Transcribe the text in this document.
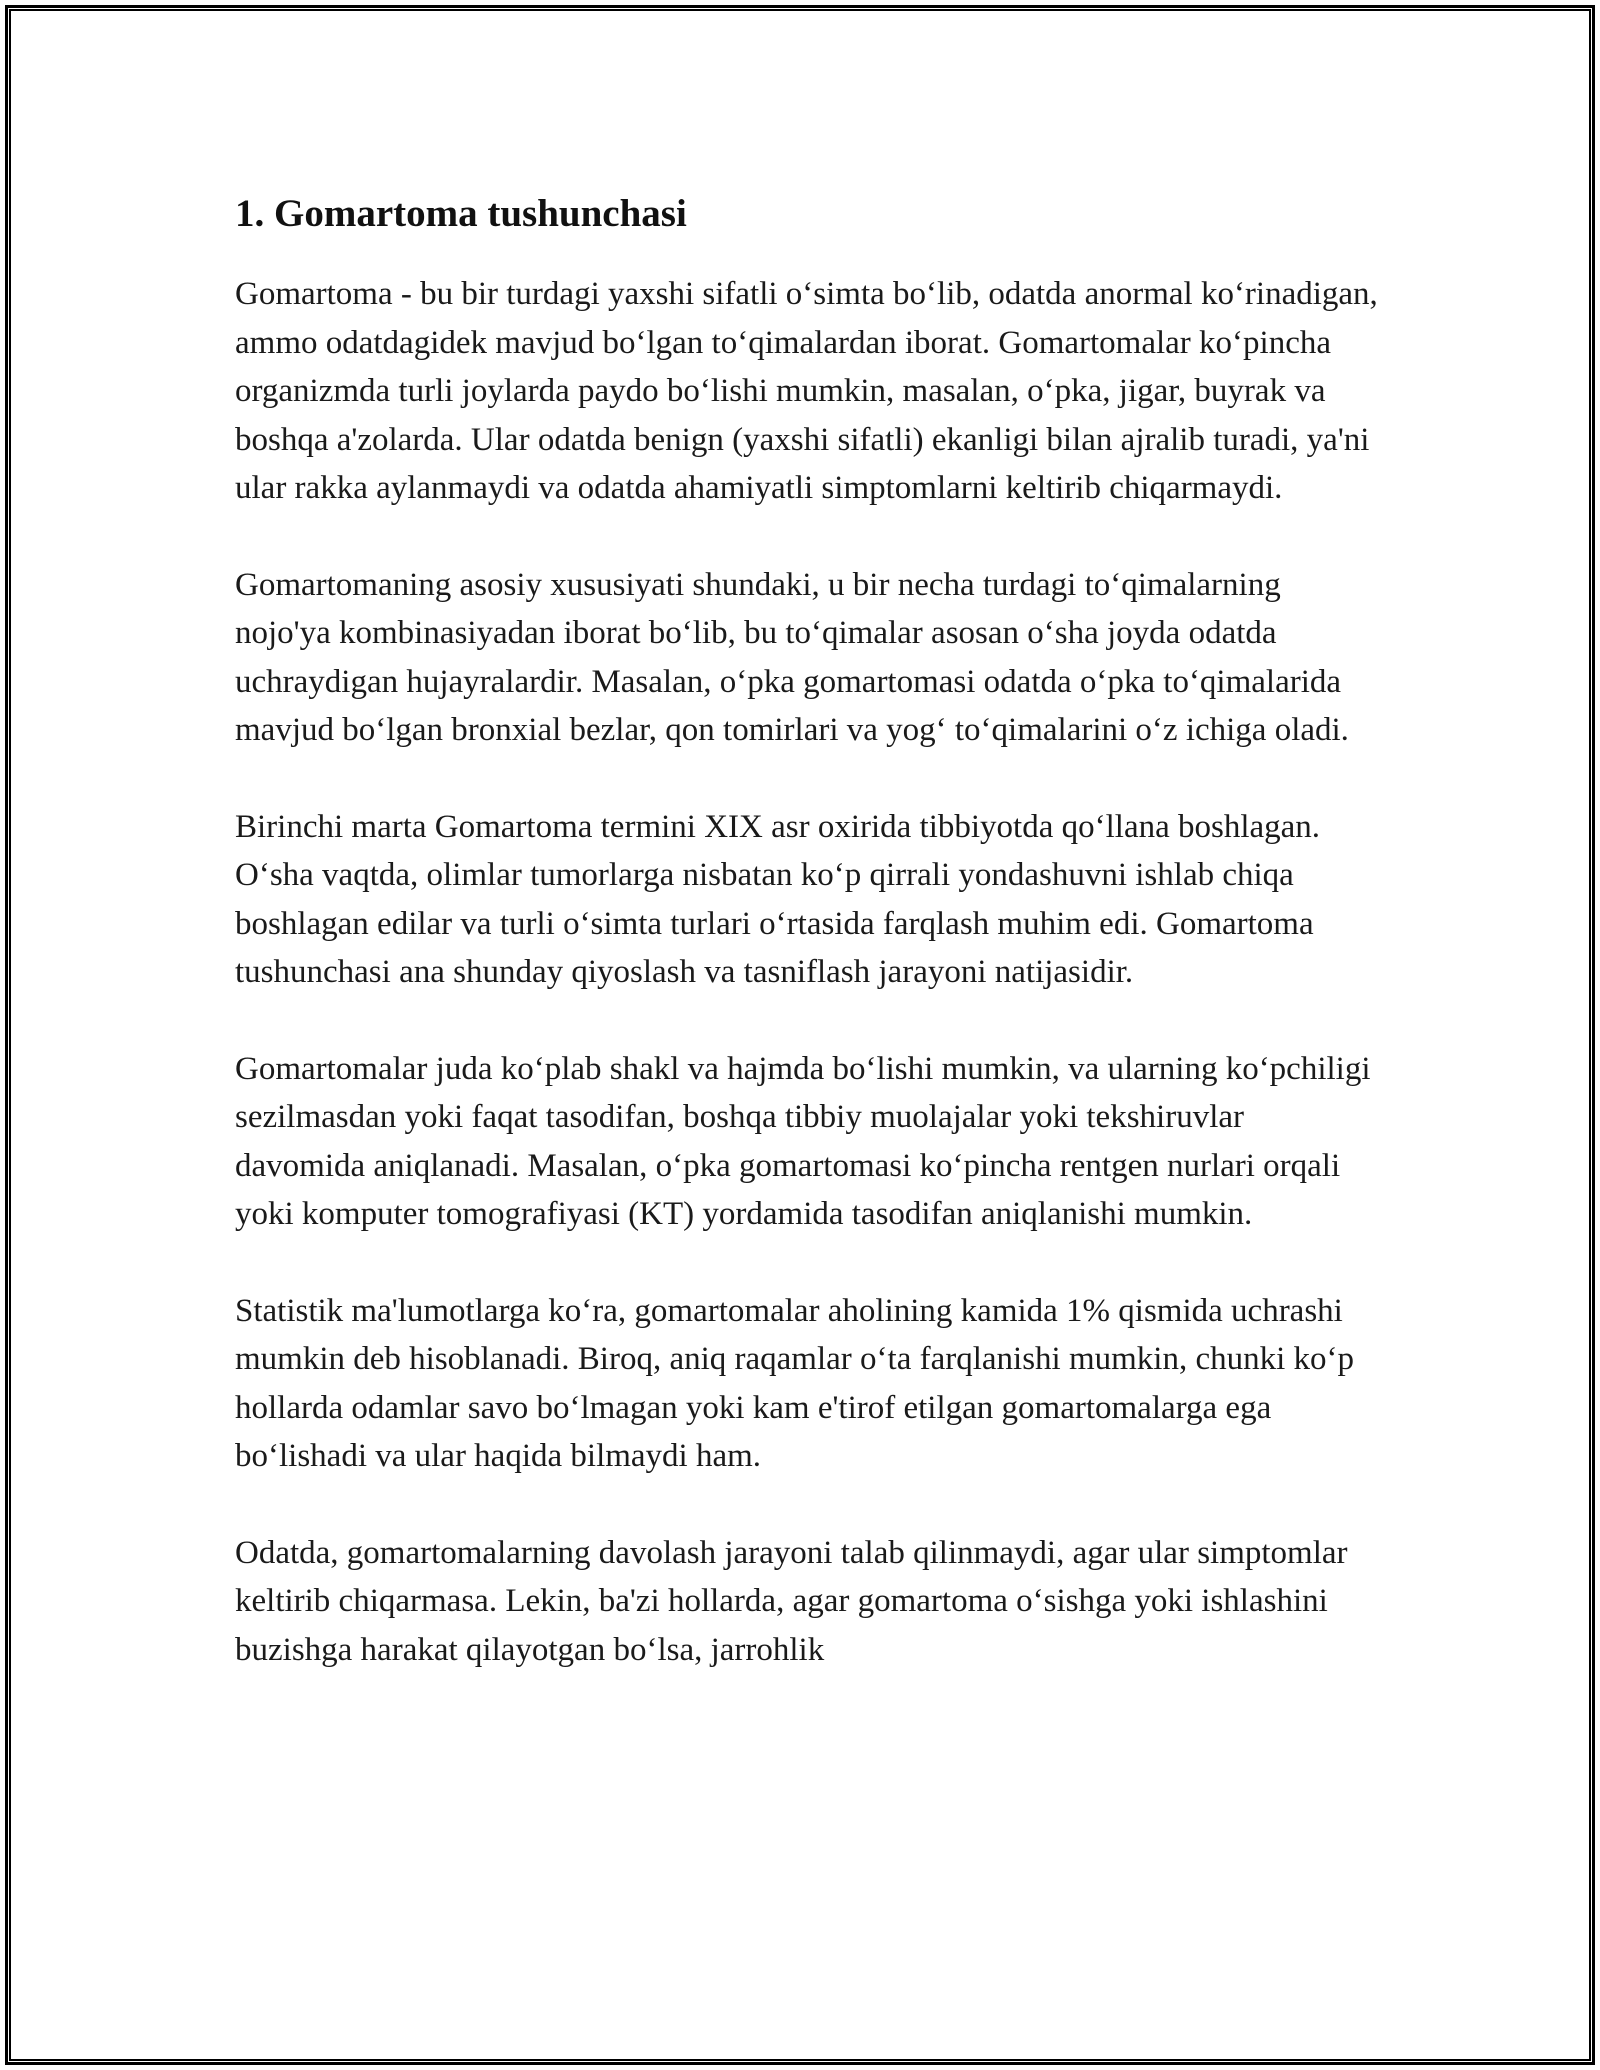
1. Gomartoma tushunchasi

Gomartoma - bu bir turdagi yaxshi sifatli o‘simta bo‘lib, odatda anormal ko‘rinadigan, ammo odatdagidek mavjud bo‘lgan to‘qimalardan iborat. Gomartomalar ko‘pincha organizmda turli joylarda paydo bo‘lishi mumkin, masalan, o‘pka, jigar, buyrak va boshqa a'zolarda. Ular odatda benign (yaxshi sifatli) ekanligi bilan ajralib turadi, ya'ni ular rakka aylanmaydi va odatda ahamiyatli simptomlarni keltirib chiqarmaydi.

Gomartomaning asosiy xususiyati shundaki, u bir necha turdagi to‘qimalarning nojo'ya kombinasiyadan iborat bo‘lib, bu to‘qimalar asosan o‘sha joyda odatda uchraydigan hujayralardir. Masalan, o‘pka gomartomasi odatda o‘pka to‘qimalarida mavjud bo‘lgan bronxial bezlar, qon tomirlari va yog‘ to‘qimalarini o‘z ichiga oladi.

Birinchi marta Gomartoma termini XIX asr oxirida tibbiyotda qo‘llana boshlagan. O‘sha vaqtda, olimlar tumorlarga nisbatan ko‘p qirrali yondashuvni ishlab chiqa boshlagan edilar va turli o‘simta turlari o‘rtasida farqlash muhim edi. Gomartoma tushunchasi ana shunday qiyoslash va tasniflash jarayoni natijasidir.

Gomartomalar juda ko‘plab shakl va hajmda bo‘lishi mumkin, va ularning ko‘pchiligi sezilmasdan yoki faqat tasodifan, boshqa tibbiy muolajalar yoki tekshiruvlar davomida aniqlanadi. Masalan, o‘pka gomartomasi ko‘pincha rentgen nurlari orqali yoki komputer tomografiyasi (KT) yordamida tasodifan aniqlanishi mumkin.

Statistik ma'lumotlarga ko‘ra, gomartomalar aholining kamida 1% qismida uchrashi mumkin deb hisoblanadi. Biroq, aniq raqamlar o‘ta farqlanishi mumkin, chunki ko‘p hollarda odamlar savo bo‘lmagan yoki kam e'tirof etilgan gomartomalarga ega bo‘lishadi va ular haqida bilmaydi ham.

Odatda, gomartomalarning davolash jarayoni talab qilinmaydi, agar ular simptomlar keltirib chiqarmasa. Lekin, ba'zi hollarda, agar gomartoma o‘sishga yoki ishlashini buzishga harakat qilayotgan bo‘lsa, jarrohlik
